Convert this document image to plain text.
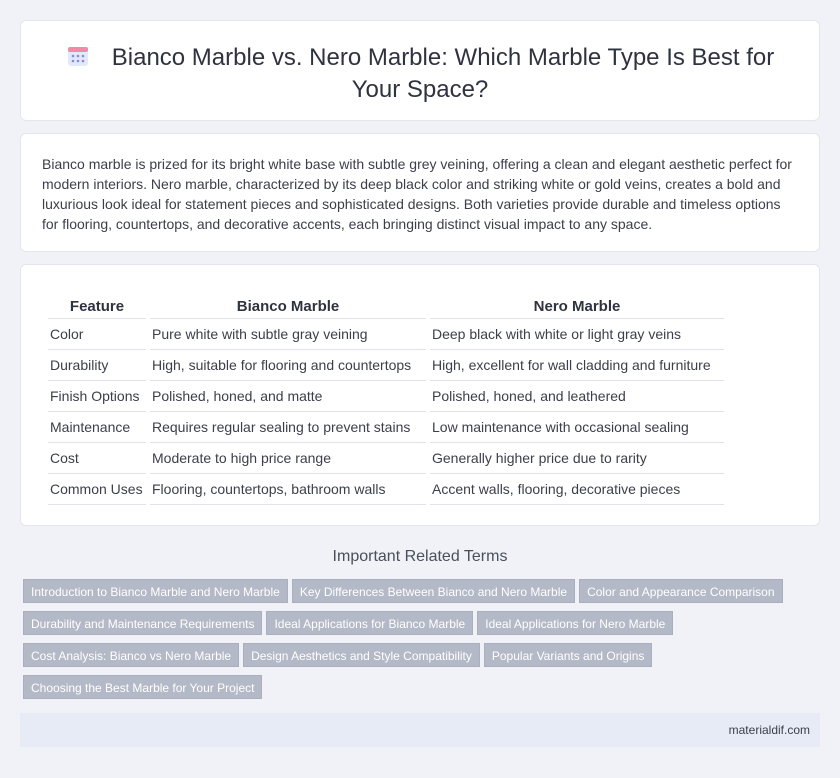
Bianco Marble vs. Nero Marble: Which Marble Type Is Best for Your Space?

Bianco marble is prized for its bright white base with subtle grey veining, offering a clean and elegant aesthetic perfect for modern interiors. Nero marble, characterized by its deep black color and striking white or gold veins, creates a bold and luxurious look ideal for statement pieces and sophisticated designs. Both varieties provide durable and timeless options for flooring, countertops, and decorative accents, each bringing distinct visual impact to any space.

Feature	Bianco Marble	Nero Marble
Color	Pure white with subtle gray veining	Deep black with white or light gray veins
Durability	High, suitable for flooring and countertops	High, excellent for wall cladding and furniture
Finish Options	Polished, honed, and matte	Polished, honed, and leathered
Maintenance	Requires regular sealing to prevent stains	Low maintenance with occasional sealing
Cost	Moderate to high price range	Generally higher price due to rarity
Common Uses	Flooring, countertops, bathroom walls	Accent walls, flooring, decorative pieces
Important Related Terms
Introduction to Bianco Marble and Nero Marble Key Differences Between Bianco and Nero Marble Color and Appearance Comparison
Durability and Maintenance Requirements Ideal Applications for Bianco Marble Ideal Applications for Nero Marble
Cost Analysis: Bianco vs Nero Marble Design Aesthetics and Style Compatibility Popular Variants and Origins
Choosing the Best Marble for Your Project
materialdif.com
